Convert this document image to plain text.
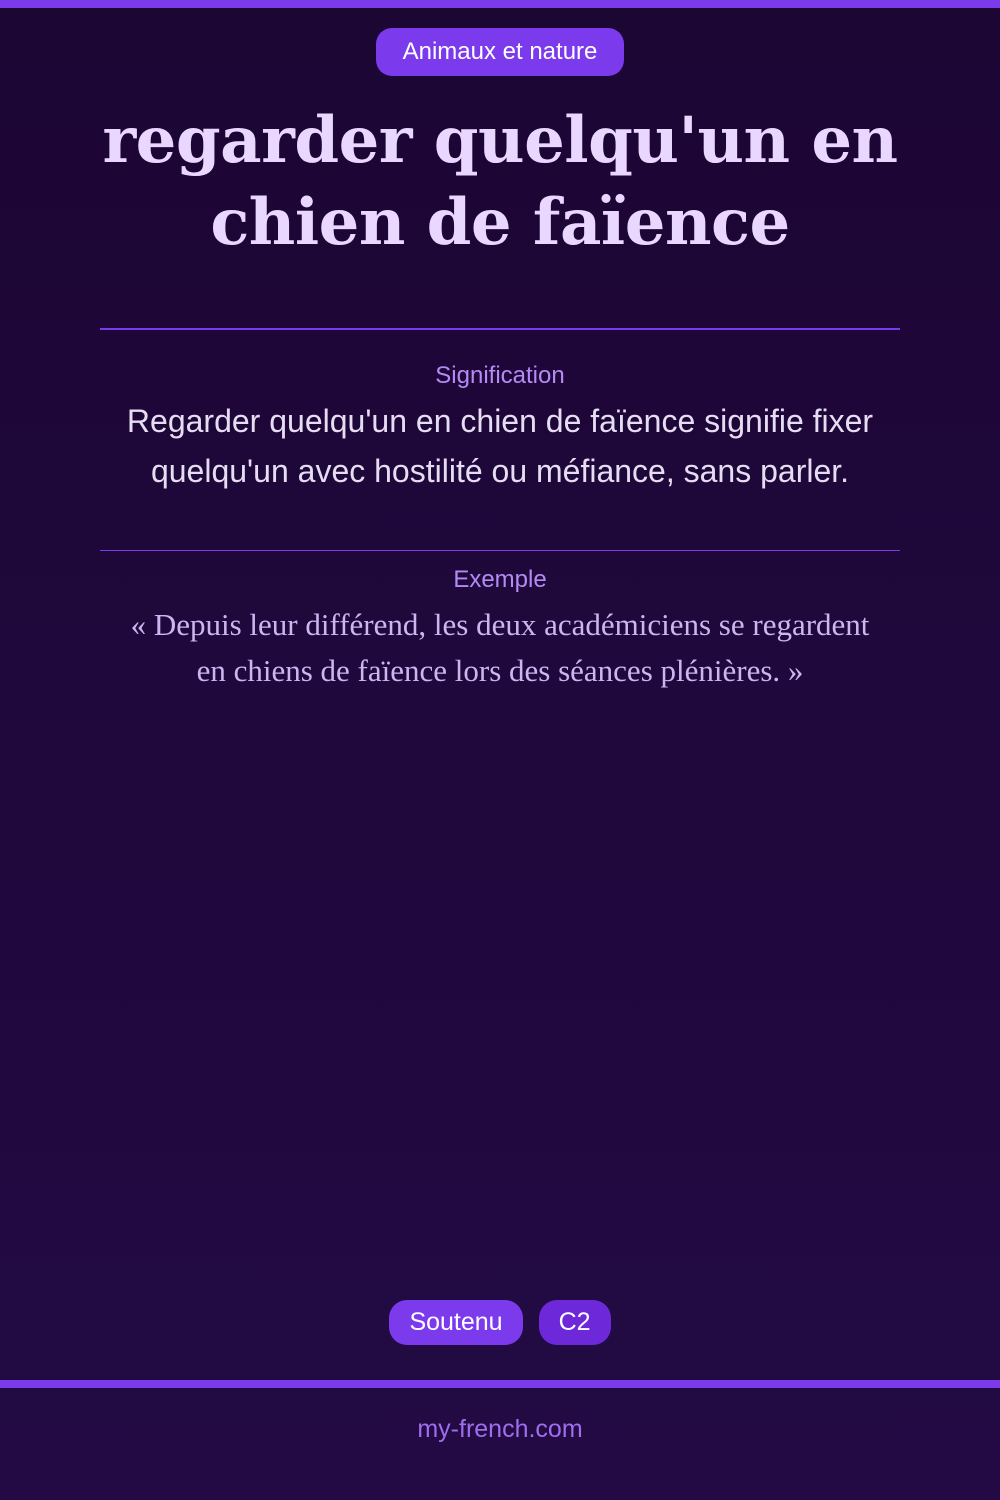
Animaux et nature
regarder quelqu'un en chien de faïence
Signification
Regarder quelqu'un en chien de faïence signifie fixer quelqu'un avec hostilité ou méfiance, sans parler.
Exemple
« Depuis leur différend, les deux académiciens se regardent en chiens de faïence lors des séances plénières. »
Soutenu	C2
my-french.com
